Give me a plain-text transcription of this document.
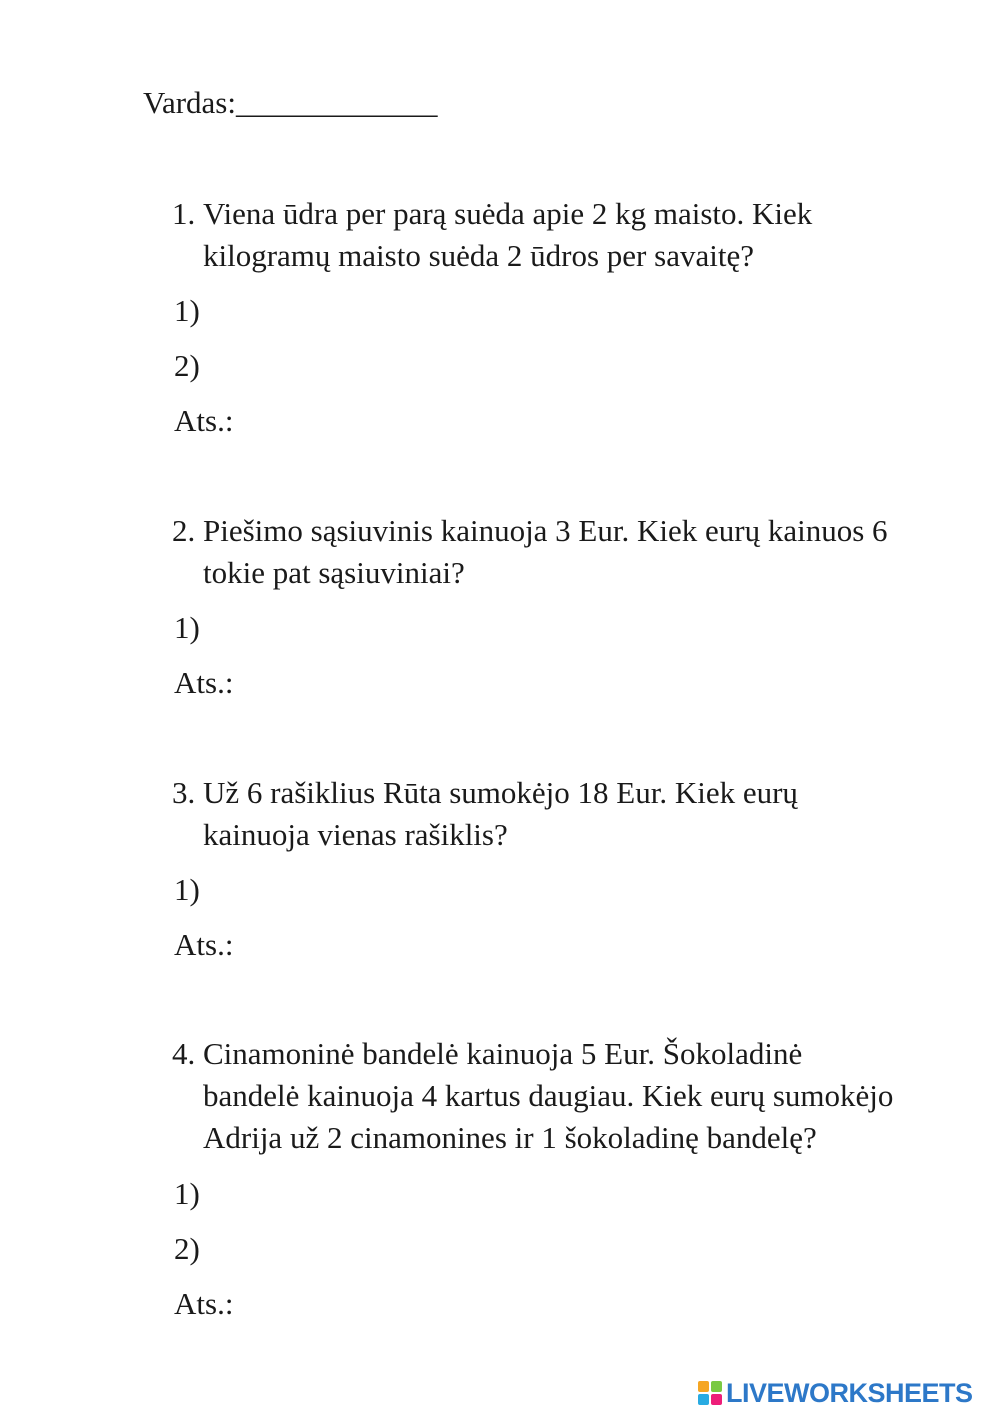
Vardas:_____________
1. Viena ūdra per parą suėda apie 2 kg maisto. Kiek
kilogramų maisto suėda 2 ūdros per savaitę?
1)
2)
Ats.:
2. Piešimo sąsiuvinis kainuoja 3 Eur. Kiek eurų kainuos 6
tokie pat sąsiuviniai?
1)
Ats.:
3. Už 6 rašiklius Rūta sumokėjo 18 Eur. Kiek eurų
kainuoja vienas rašiklis?
1)
Ats.:
4. Cinamoninė bandelė kainuoja 5 Eur. Šokoladinė
bandelė kainuoja 4 kartus daugiau. Kiek eurų sumokėjo
Adrija už 2 cinamonines ir 1 šokoladinę bandelę?
1)
2)
Ats.:
LIVEWORKSHEETS
